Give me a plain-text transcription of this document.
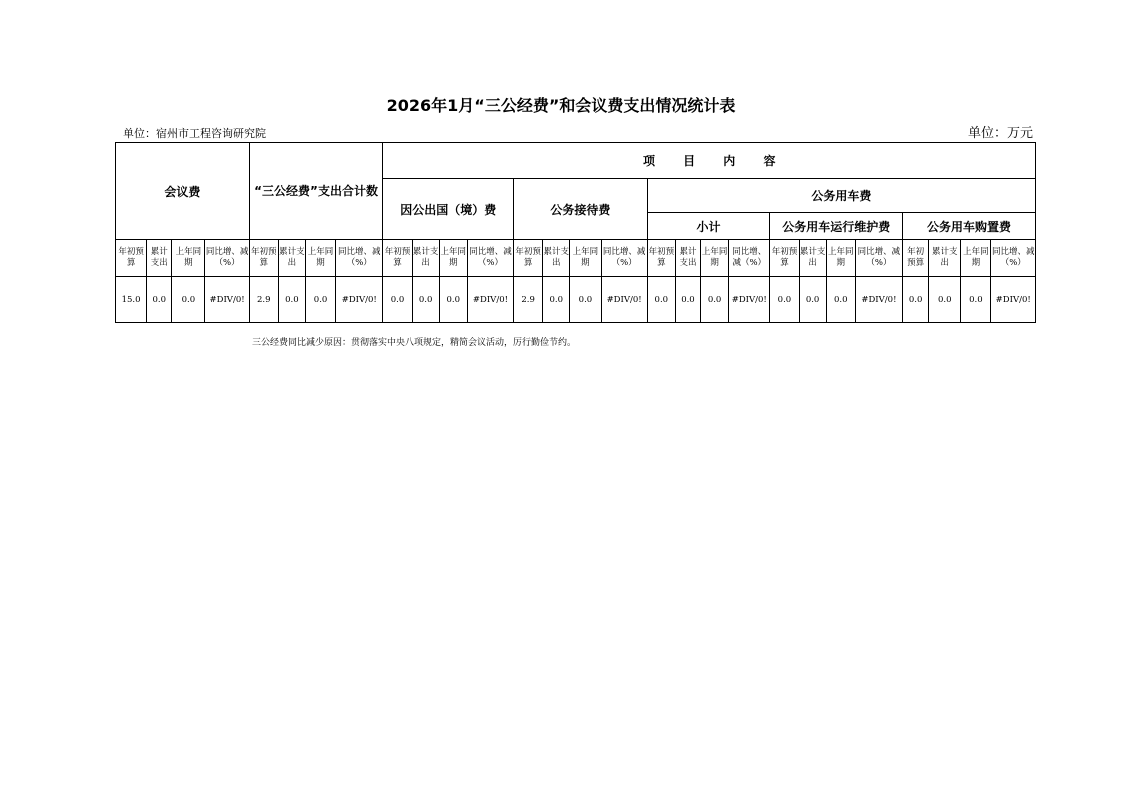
2026年1月“三公经费”和会议费支出情况统计表
单位：宿州市工程咨询研究院	单位：万元
会议费				“三公经费”支出合计数				项 目 内 容																			
								因公出国（境）费				公务接待费				公务用车费											
																小计				公务用车运行维护费				公务用车购置费			
年初预算	累计支出	上年同期	同比增、减（%）	年初预算	累计支出	上年同期	同比增、减（%）	年初预算	累计支出	上年同期	同比增、减（%）	年初预算	累计支出	上年同期	同比增、减（%）	年初预算	累计支出	上年同期	同比增、减（%）	年初预算	累计支出	上年同期	同比增、减（%）	年初预算	累计支出	上年同期	同比增、减（%）
15.0	0.0	0.0	#DIV/0!	2.9	0.0	0.0	#DIV/0!	0.0	0.0	0.0	#DIV/0!	2.9	0.0	0.0	#DIV/0!	0.0	0.0	0.0	#DIV/0!	0.0	0.0	0.0	#DIV/0!	0.0	0.0	0.0	#DIV/0!
三公经费同比减少原因：贯彻落实中央八项规定，精简会议活动，厉行勤俭节约。
